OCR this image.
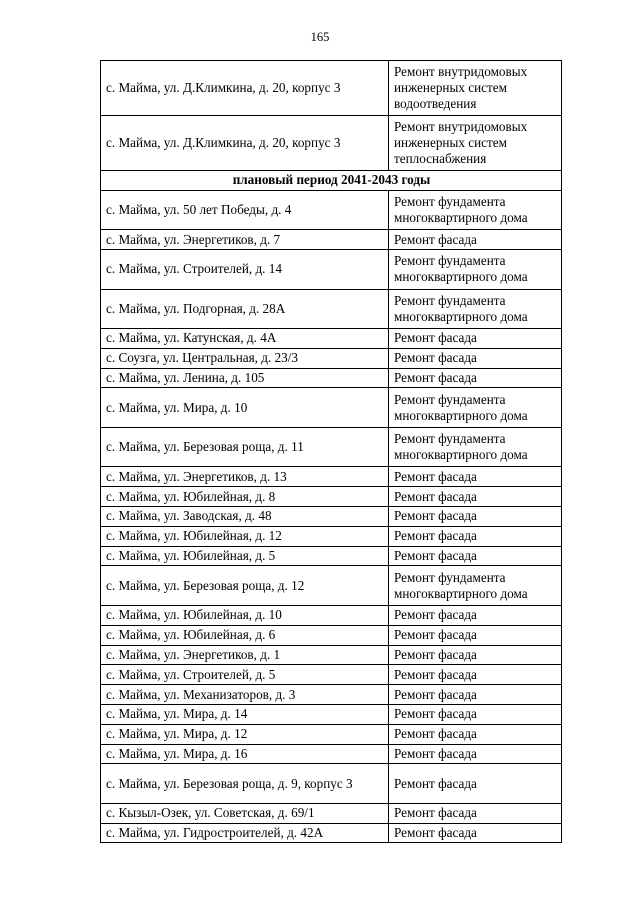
165
с. Майма, ул. Д.Климкина, д. 20, корпус 3	Ремонт внутридомовых инженерных систем водоотведения
с. Майма, ул. Д.Климкина, д. 20, корпус 3	Ремонт внутридомовых инженерных систем теплоснабжения
плановый период 2041-2043 годы	
с. Майма, ул. 50 лет Победы, д. 4	Ремонт фундамента многоквартирного дома
с. Майма, ул. Энергетиков, д. 7	Ремонт фасада
с. Майма, ул. Строителей, д. 14	Ремонт фундамента многоквартирного дома
с. Майма, ул. Подгорная, д. 28А	Ремонт фундамента многоквартирного дома
с. Майма, ул. Катунская, д. 4А	Ремонт фасада
с. Соузга, ул. Центральная, д. 23/3	Ремонт фасада
с. Майма, ул. Ленина, д. 105	Ремонт фасада
с. Майма, ул. Мира, д. 10	Ремонт фундамента многоквартирного дома
с. Майма, ул. Березовая роща, д. 11	Ремонт фундамента многоквартирного дома
с. Майма, ул. Энергетиков, д. 13	Ремонт фасада
с. Майма, ул. Юбилейная, д. 8	Ремонт фасада
с. Майма, ул. Заводская, д. 48	Ремонт фасада
с. Майма, ул. Юбилейная, д. 12	Ремонт фасада
с. Майма, ул. Юбилейная, д. 5	Ремонт фасада
с. Майма, ул. Березовая роща, д. 12	Ремонт фундамента многоквартирного дома
с. Майма, ул. Юбилейная, д. 10	Ремонт фасада
с. Майма, ул. Юбилейная, д. 6	Ремонт фасада
с. Майма, ул. Энергетиков, д. 1	Ремонт фасада
с. Майма, ул. Строителей, д. 5	Ремонт фасада
с. Майма, ул. Механизаторов, д. 3	Ремонт фасада
с. Майма, ул. Мира, д. 14	Ремонт фасада
с. Майма, ул. Мира, д. 12	Ремонт фасада
с. Майма, ул. Мира, д. 16	Ремонт фасада
с. Майма, ул. Березовая роща, д. 9, корпус 3	Ремонт фасада
с. Кызыл-Озек, ул. Советская, д. 69/1	Ремонт фасада
с. Майма, ул. Гидростроителей, д. 42А	Ремонт фасада
